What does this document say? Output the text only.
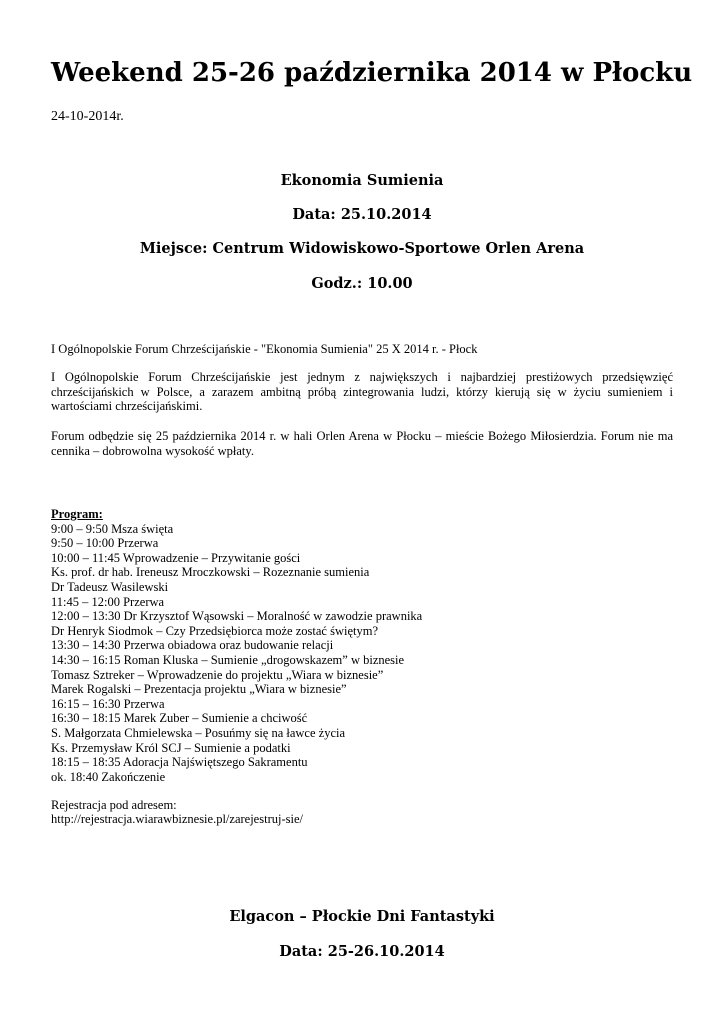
Weekend 25-26 października 2014 w Płocku
24-10-2014r.
Ekonomia Sumienia
Data: 25.10.2014
Miejsce: Centrum Widowiskowo-Sportowe Orlen Arena
Godz.: 10.00
I Ogólnopolskie Forum Chrześcijańskie - "Ekonomia Sumienia" 25 X 2014 r. - Płock
I Ogólnopolskie Forum Chrześcijańskie jest jednym z największych i najbardziej prestiżowych przedsięwzięć chrześcijańskich w Polsce, a zarazem ambitną próbą zintegrowania ludzi, którzy kierują się w życiu sumieniem i wartościami chrześcijańskimi.
Forum odbędzie się 25 października 2014 r. w hali Orlen Arena w Płocku – mieście Bożego Miłosierdzia. Forum nie ma cennika – dobrowolna wysokość wpłaty.
Program:
9:00 – 9:50 Msza święta
9:50 – 10:00 Przerwa
10:00 – 11:45 Wprowadzenie – Przywitanie gości
Ks. prof. dr hab. Ireneusz Mroczkowski – Rozeznanie sumienia
Dr Tadeusz Wasilewski
11:45 – 12:00 Przerwa
12:00 – 13:30 Dr Krzysztof Wąsowski – Moralność w zawodzie prawnika
Dr Henryk Siodmok – Czy Przedsiębiorca może zostać świętym?
13:30 – 14:30 Przerwa obiadowa oraz budowanie relacji
14:30 – 16:15 Roman Kluska – Sumienie „drogowskazem” w biznesie
Tomasz Sztreker – Wprowadzenie do projektu „Wiara w biznesie”
Marek Rogalski – Prezentacja projektu „Wiara w biznesie”
16:15 – 16:30 Przerwa
16:30 – 18:15 Marek Zuber – Sumienie a chciwość
S. Małgorzata Chmielewska – Posuńmy się na ławce życia
Ks. Przemysław Król SCJ – Sumienie a podatki
18:15 – 18:35 Adoracja Najświętszego Sakramentu
ok. 18:40 Zakończenie
Rejestracja pod adresem:
http://rejestracja.wiarawbiznesie.pl/zarejestruj-sie/
Elgacon – Płockie Dni Fantastyki
Data: 25-26.10.2014
